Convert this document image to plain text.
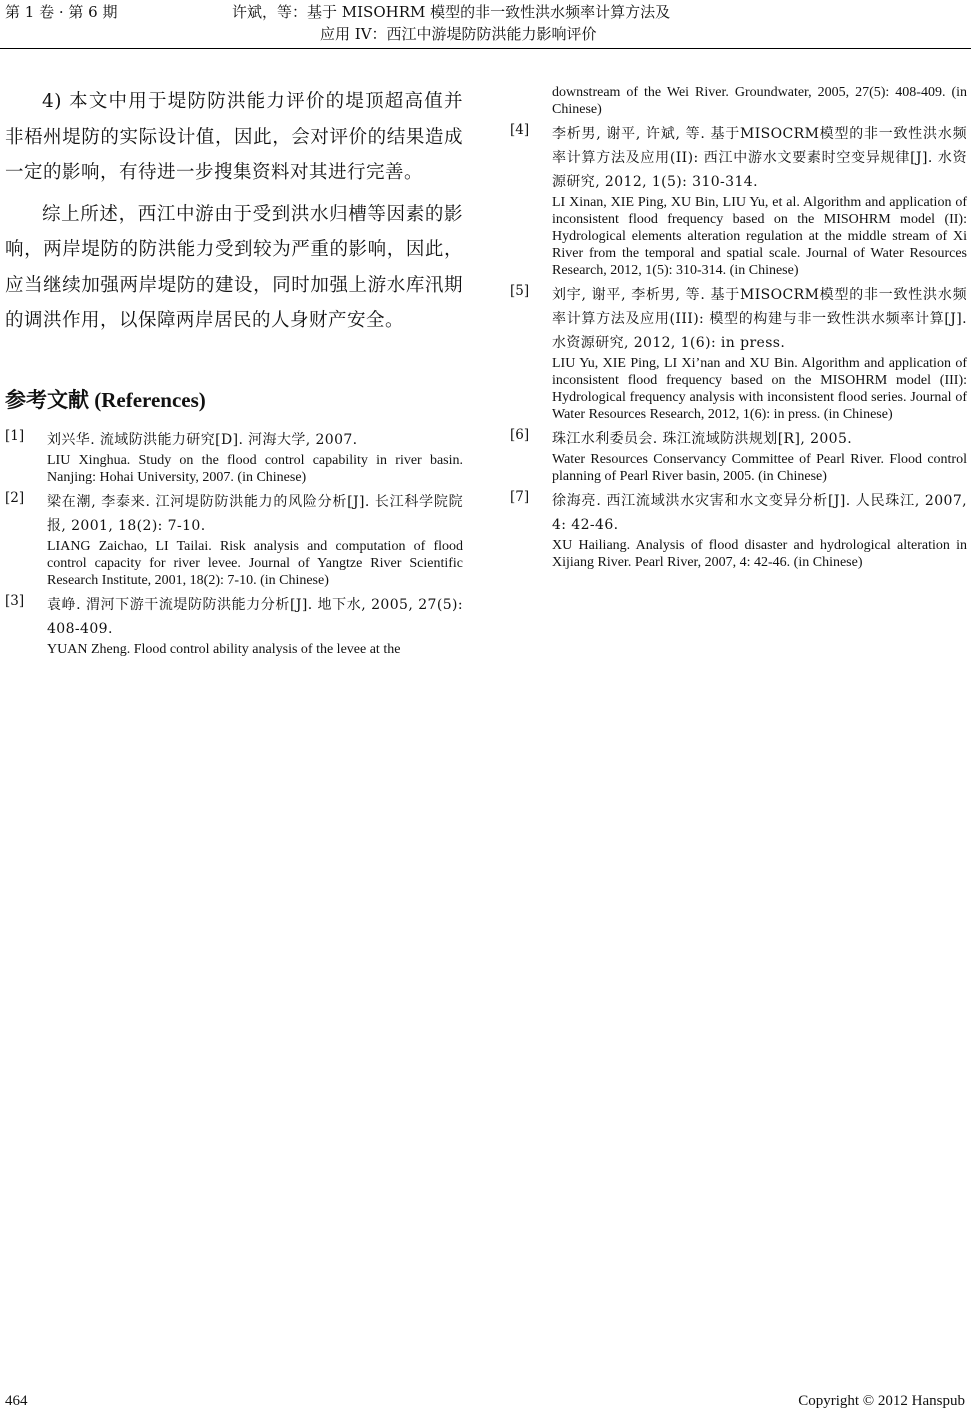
第 1 卷 · 第 6 期	许斌，等：基于 MISOHRM 模型的非一致性洪水频率计算方法及
应用 IV：西江中游堤防防洪能力影响评价

4) 本文中用于堤防防洪能力评价的堤顶超高值并非梧州堤防的实际设计值，因此，会对评价的结果造成一定的影响，有待进一步搜集资料对其进行完善。

综上所述，西江中游由于受到洪水归槽等因素的影响，两岸堤防的防洪能力受到较为严重的影响，因此，应当继续加强两岸堤防的建设，同时加强上游水库汛期的调洪作用，以保障两岸居民的人身财产安全。

参考文献 (References)
[1] 刘兴华. 流域防洪能力研究[D]. 河海大学, 2007.
LIU Xinghua. Study on the flood control capability in river basin. Nanjing: Hohai University, 2007. (in Chinese)
[2] 梁在潮, 李泰来. 江河堤防防洪能力的风险分析[J]. 长江科学院院报, 2001, 18(2): 7-10.
LIANG Zaichao, LI Tailai. Risk analysis and computation of flood control capacity for river levee. Journal of Yangtze River Scientific Research Institute, 2001, 18(2): 7-10. (in Chinese)
[3] 袁峥. 渭河下游干流堤防防洪能力分析[J]. 地下水, 2005, 27(5): 408-409.
YUAN Zheng. Flood control ability analysis of the levee at the
downstream of the Wei River. Groundwater, 2005, 27(5): 408-409. (in Chinese)
[4] 李析男, 谢平, 许斌, 等. 基于MISOCRM模型的非一致性洪水频率计算方法及应用(II): 西江中游水文要素时空变异规律[J]. 水资源研究, 2012, 1(5): 310-314.
LI Xinan, XIE Ping, XU Bin, LIU Yu, et al. Algorithm and application of inconsistent flood frequency based on the MISOHRM model (II): Hydrological elements alteration regulation at the middle stream of Xi River from the temporal and spatial scale. Journal of Water Resources Research, 2012, 1(5): 310-314. (in Chinese)
[5] 刘宇, 谢平, 李析男, 等. 基于MISOCRM模型的非一致性洪水频率计算方法及应用(III): 模型的构建与非一致性洪水频率计算[J]. 水资源研究, 2012, 1(6): in press.
LIU Yu, XIE Ping, LI Xi’nan and XU Bin. Algorithm and application of inconsistent flood frequency based on the MISOHRM model (III): Hydrological frequency analysis with inconsistent flood series. Journal of Water Resources Research, 2012, 1(6): in press. (in Chinese)
[6] 珠江水利委员会. 珠江流域防洪规划[R], 2005.
Water Resources Conservancy Committee of Pearl River. Flood control planning of Pearl River basin, 2005. (in Chinese)
[7] 徐海亮. 西江流域洪水灾害和水文变异分析[J]. 人民珠江, 2007, 4: 42-46.
XU Hailiang. Analysis of flood disaster and hydrological alteration in Xijiang River. Pearl River, 2007, 4: 42-46. (in Chinese)
464	Copyright © 2012 Hanspub
